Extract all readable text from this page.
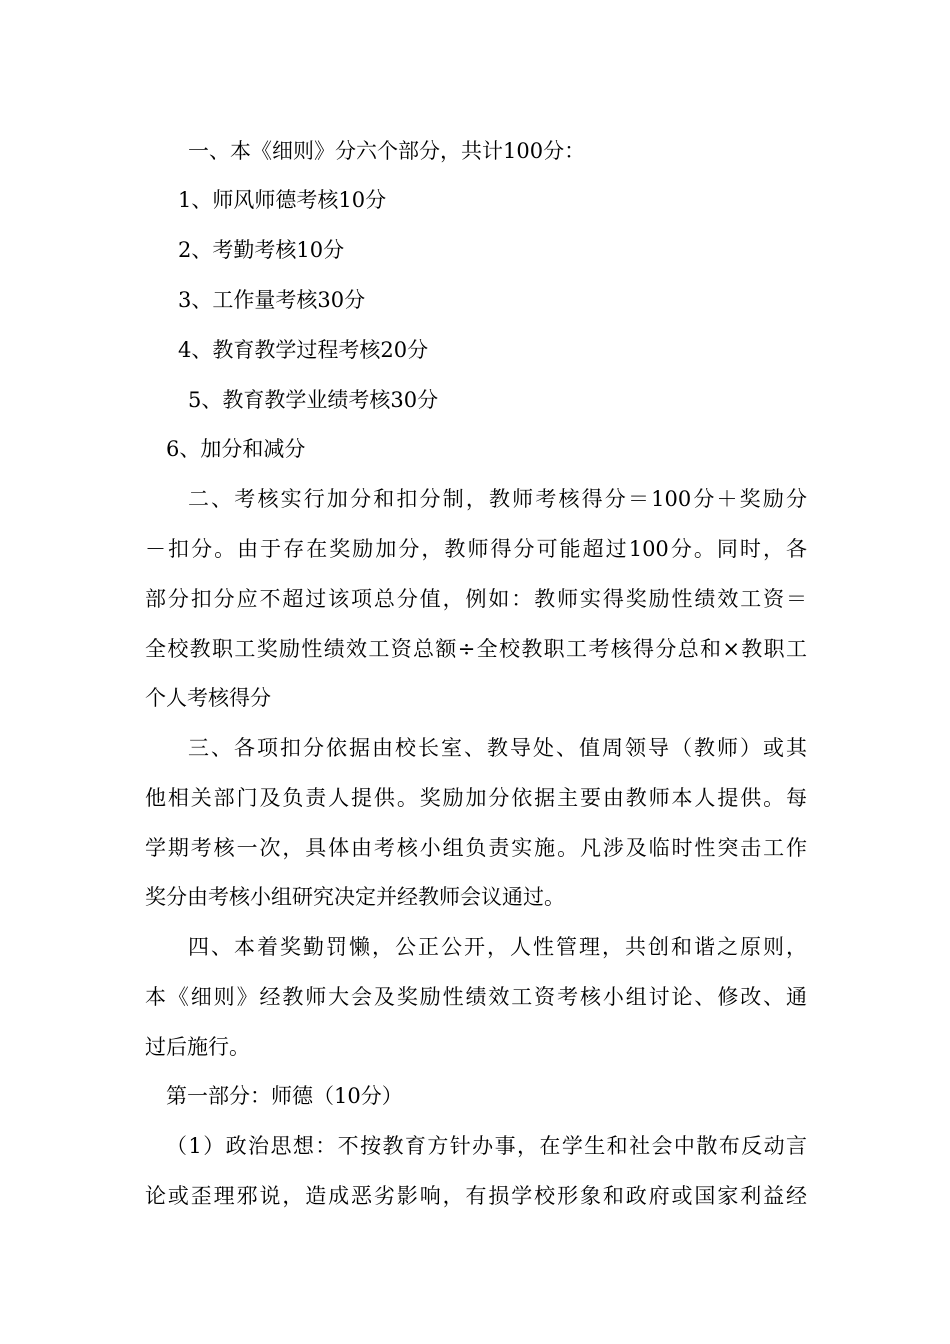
一、本《细则》分六个部分，共计100分：
1、师风师德考核10分
2、考勤考核10分
3、工作量考核30分
4、教育教学过程考核20分
5、教育教学业绩考核30分
6、加分和减分
二、考核实行加分和扣分制，教师考核得分＝100分＋奖励分
－扣分。由于存在奖励加分，教师得分可能超过100分。同时，各
部分扣分应不超过该项总分值，例如：教师实得奖励性绩效工资＝
全校教职工奖励性绩效工资总额÷全校教职工考核得分总和×教职工
个人考核得分
三、各项扣分依据由校长室、教导处、值周领导（教师）或其
他相关部门及负责人提供。奖励加分依据主要由教师本人提供。每
学期考核一次，具体由考核小组负责实施。凡涉及临时性突击工作
奖分由考核小组研究决定并经教师会议通过。
四、本着奖勤罚懒，公正公开，人性管理，共创和谐之原则，
本《细则》经教师大会及奖励性绩效工资考核小组讨论、修改、通
过后施行。
第一部分：师德（10分）
（1）政治思想：不按教育方针办事，在学生和社会中散布反动言
论或歪理邪说，造成恶劣影响，有损学校形象和政府或国家利益经
